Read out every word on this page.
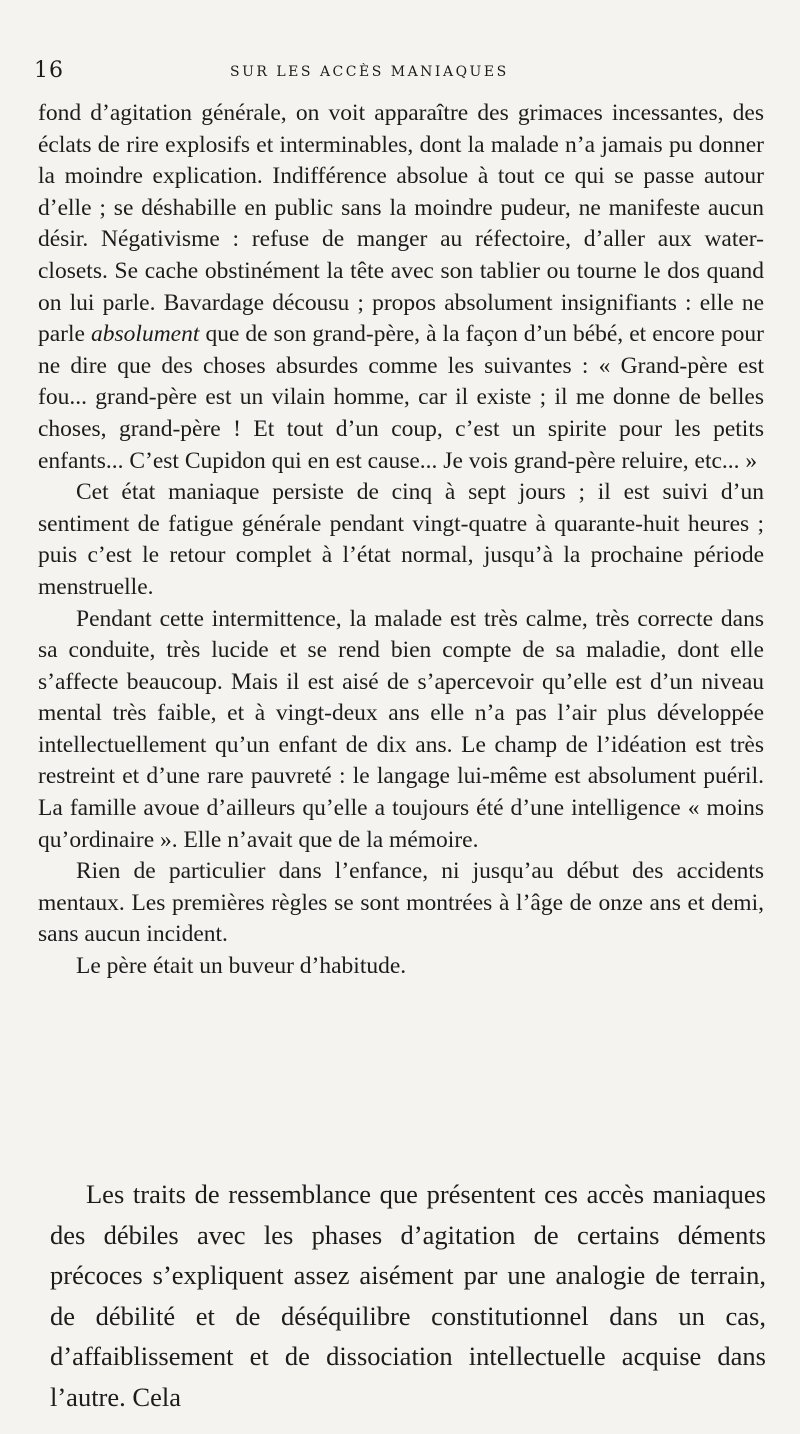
16	SUR LES ACCÈS MANIAQUES

fond d’agitation générale, on voit apparaître des grimaces incessantes, des éclats de rire explosifs et interminables, dont la malade n’a jamais pu donner la moindre explication. Indifférence absolue à tout ce qui se passe autour d’elle ; se déshabille en public sans la moindre pudeur, ne manifeste aucun désir. Négativisme : refuse de manger au réfectoire, d’aller aux water-closets. Se cache obstinément la tête avec son tablier ou tourne le dos quand on lui parle. Bavardage décousu ; propos absolument insignifiants : elle ne parle absolument que de son grand-père, à la façon d’un bébé, et encore pour ne dire que des choses absurdes comme les suivantes : « Grand-père est fou... grand-père est un vilain homme, car il existe ; il me donne de belles choses, grand-père ! Et tout d’un coup, c’est un spirite pour les petits enfants... C’est Cupidon qui en est cause... Je vois grand-père reluire, etc... »

Cet état maniaque persiste de cinq à sept jours ; il est suivi d’un sentiment de fatigue générale pendant vingt-quatre à quarante-huit heures ; puis c’est le retour complet à l’état normal, jusqu’à la prochaine période menstruelle.

Pendant cette intermittence, la malade est très calme, très correcte dans sa conduite, très lucide et se rend bien compte de sa maladie, dont elle s’affecte beaucoup. Mais il est aisé de s’apercevoir qu’elle est d’un niveau mental très faible, et à vingt-deux ans elle n’a pas l’air plus développée intellectuellement qu’un enfant de dix ans. Le champ de l’idéation est très restreint et d’une rare pauvreté : le langage lui-même est absolument puéril. La famille avoue d’ailleurs qu’elle a toujours été d’une intelligence « moins qu’ordinaire ». Elle n’avait que de la mémoire.

Rien de particulier dans l’enfance, ni jusqu’au début des accidents mentaux. Les premières règles se sont montrées à l’âge de onze ans et demi, sans aucun incident.

Le père était un buveur d’habitude.

Les traits de ressemblance que présentent ces accès maniaques des débiles avec les phases d’agitation de certains déments précoces s’expliquent assez aisément par une analogie de terrain, de débilité et de déséquilibre constitutionnel dans un cas, d’affaiblissement et de dissociation intellectuelle acquise dans l’autre. Cela
